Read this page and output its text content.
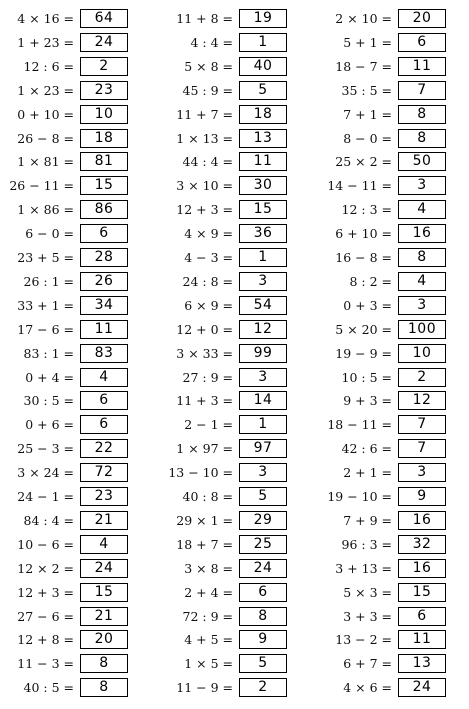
4 × 16 =	64
1 + 23 =	24
12 : 6 =	2
1 × 23 =	23
0 + 10 =	10
26 − 8 =	18
1 × 81 =	81
26 − 11 =	15
1 × 86 =	86
6 − 0 =	6
23 + 5 =	28
26 : 1 =	26
33 + 1 =	34
17 − 6 =	11
83 : 1 =	83
0 + 4 =	4
30 : 5 =	6
0 + 6 =	6
25 − 3 =	22
3 × 24 =	72
24 − 1 =	23
84 : 4 =	21
10 − 6 =	4
12 × 2 =	24
12 + 3 =	15
27 − 6 =	21
12 + 8 =	20
11 − 3 =	8
40 : 5 =	8
11 + 8 =	19
4 : 4 =	1
5 × 8 =	40
45 : 9 =	5
11 + 7 =	18
1 × 13 =	13
44 : 4 =	11
3 × 10 =	30
12 + 3 =	15
4 × 9 =	36
4 − 3 =	1
24 : 8 =	3
6 × 9 =	54
12 + 0 =	12
3 × 33 =	99
27 : 9 =	3
11 + 3 =	14
2 − 1 =	1
1 × 97 =	97
13 − 10 =	3
40 : 8 =	5
29 × 1 =	29
18 + 7 =	25
3 × 8 =	24
2 + 4 =	6
72 : 9 =	8
4 + 5 =	9
1 × 5 =	5
11 − 9 =	2
2 × 10 =	20
5 + 1 =	6
18 − 7 =	11
35 : 5 =	7
7 + 1 =	8
8 − 0 =	8
25 × 2 =	50
14 − 11 =	3
12 : 3 =	4
6 + 10 =	16
16 − 8 =	8
8 : 2 =	4
0 + 3 =	3
5 × 20 =	100
19 − 9 =	10
10 : 5 =	2
9 + 3 =	12
18 − 11 =	7
42 : 6 =	7
2 + 1 =	3
19 − 10 =	9
7 + 9 =	16
96 : 3 =	32
3 + 13 =	16
5 × 3 =	15
3 + 3 =	6
13 − 2 =	11
6 + 7 =	13
4 × 6 =	24
